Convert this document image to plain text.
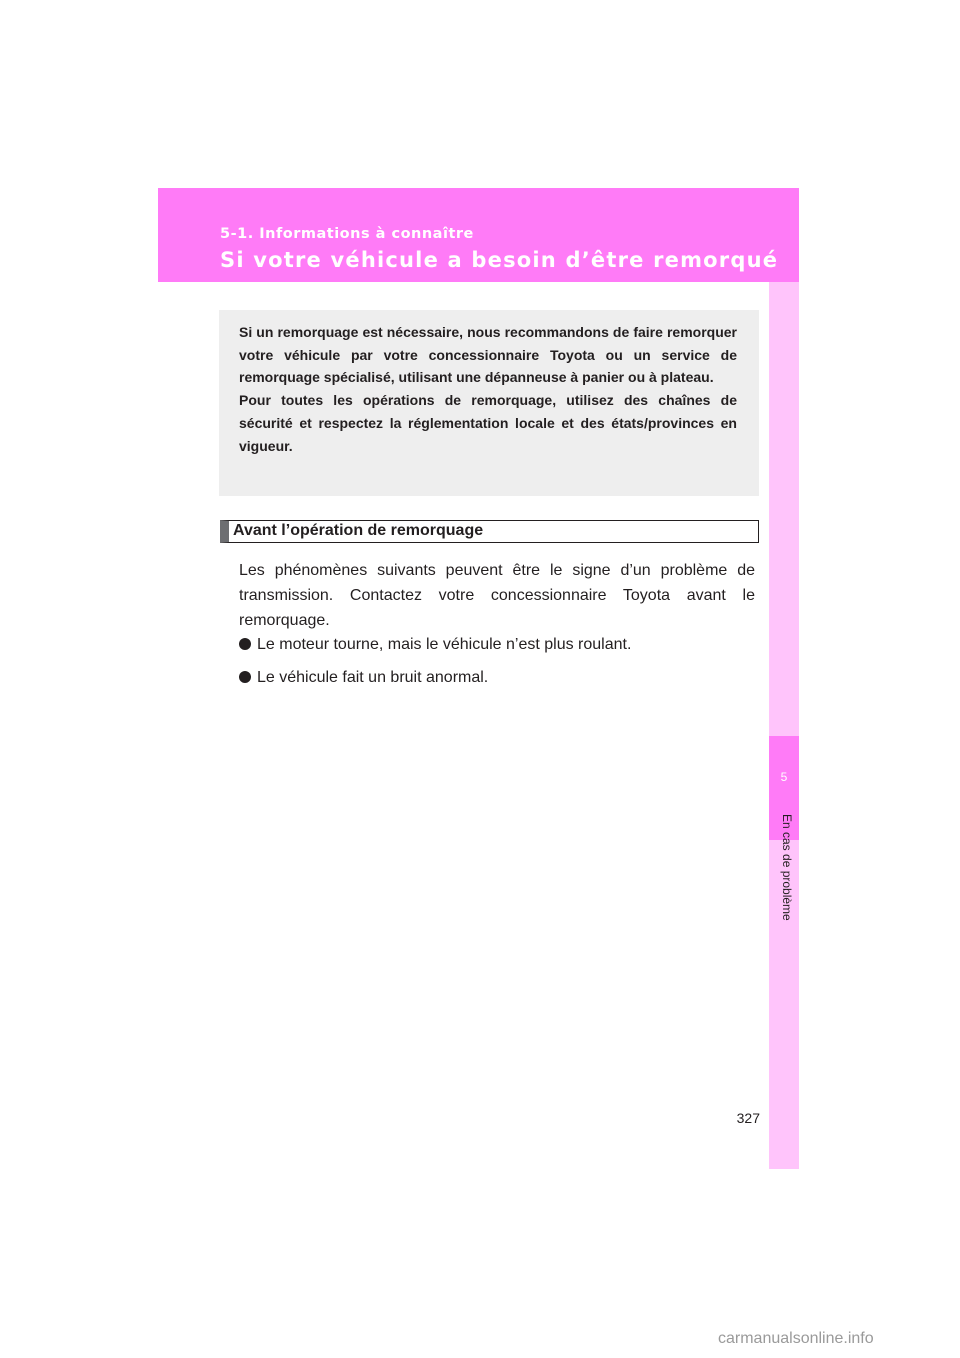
5-1. Informations à connaître
Si votre véhicule a besoin d’être remorqué
5
En cas de problème

Si un remorquage est nécessaire, nous recommandons de faire remorquer votre véhicule par votre concessionnaire Toyota ou un service de remorquage spécialisé, utilisant une dépanneuse à panier ou à plateau.

Pour toutes les opérations de remorquage, utilisez des chaînes de sécurité et respectez la réglementation locale et des états/provinces en vigueur.

Avant l’opération de remorquage

Les phénomènes suivants peuvent être le signe d’un problème de transmission. Contactez votre concessionnaire Toyota avant le remorquage.

Le moteur tourne, mais le véhicule n’est plus roulant.
Le véhicule fait un bruit anormal.
327
carmanualsonline.info
